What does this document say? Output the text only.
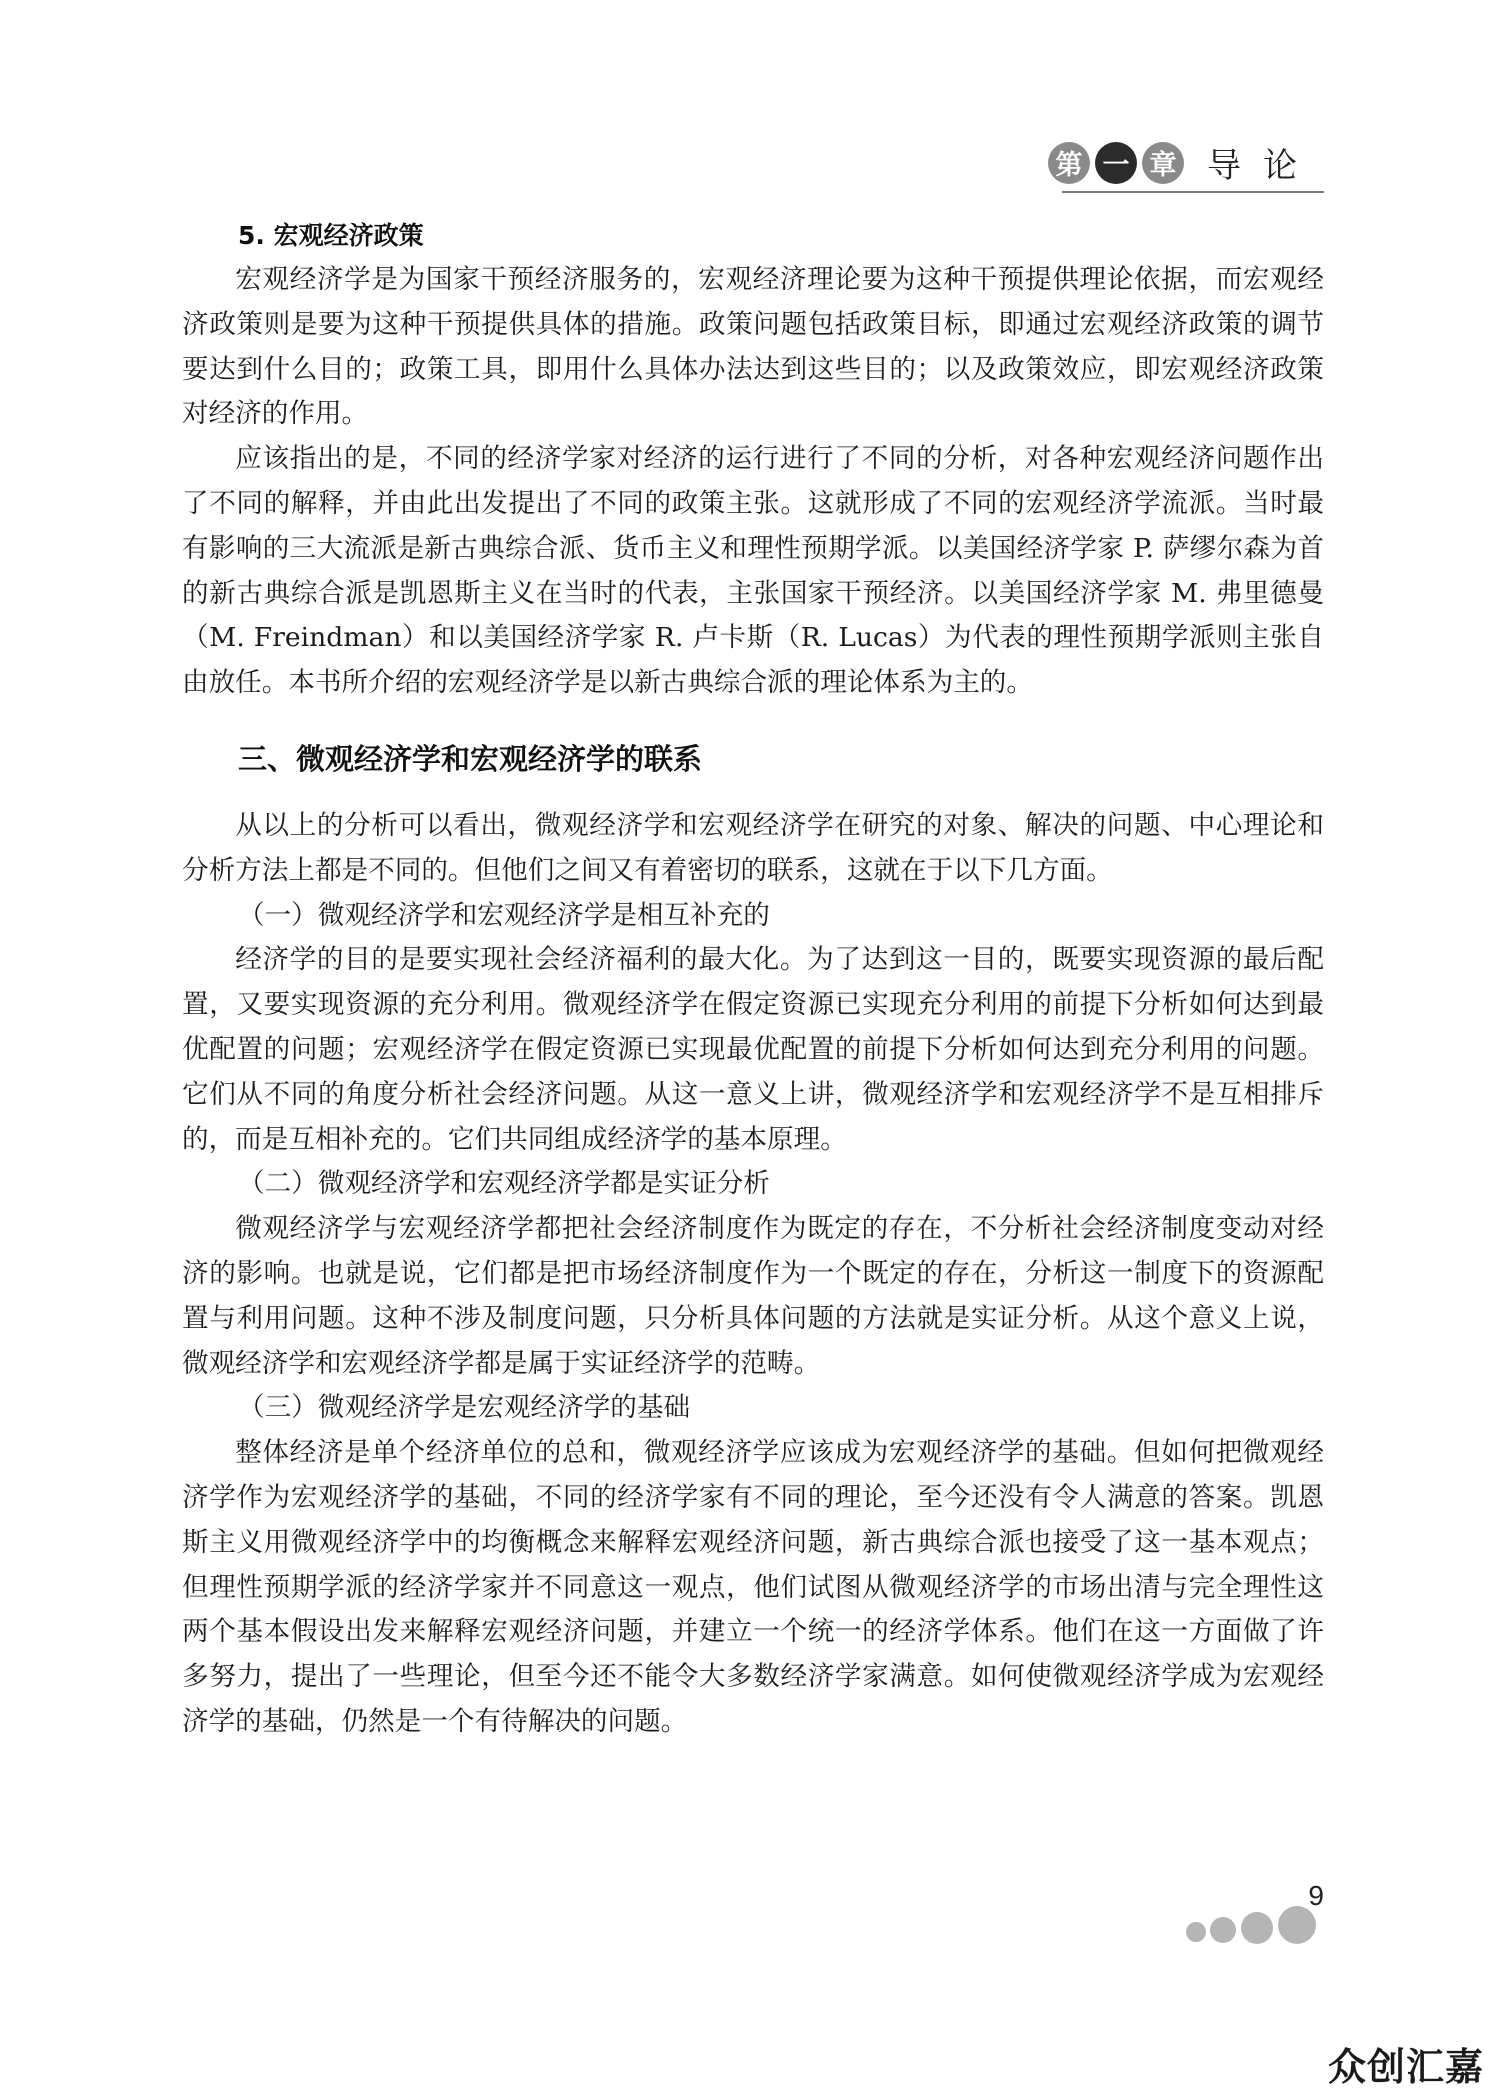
第 一 章 导论

5. 宏观经济政策

宏观经济学是为国家干预经济服务的，宏观经济理论要为这种干预提供理论依据，而宏观经济政策则是要为这种干预提供具体的措施。政策问题包括政策目标，即通过宏观经济政策的调节要达到什么目的；政策工具，即用什么具体办法达到这些目的；以及政策效应，即宏观经济政策对经济的作用。

应该指出的是，不同的经济学家对经济的运行进行了不同的分析，对各种宏观经济问题作出了不同的解释，并由此出发提出了不同的政策主张。这就形成了不同的宏观经济学流派。当时最有影响的三大流派是新古典综合派、货币主义和理性预期学派。以美国经济学家 P. 萨缪尔森为首的新古典综合派是凯恩斯主义在当时的代表，主张国家干预经济。以美国经济学家 M. 弗里德曼（M. Freindman）和以美国经济学家 R. 卢卡斯（R. Lucas）为代表的理性预期学派则主张自由放任。本书所介绍的宏观经济学是以新古典综合派的理论体系为主的。

三、微观经济学和宏观经济学的联系

从以上的分析可以看出，微观经济学和宏观经济学在研究的对象、解决的问题、中心理论和分析方法上都是不同的。但他们之间又有着密切的联系，这就在于以下几方面。

（一）微观经济学和宏观经济学是相互补充的

经济学的目的是要实现社会经济福利的最大化。为了达到这一目的，既要实现资源的最后配置，又要实现资源的充分利用。微观经济学在假定资源已实现充分利用的前提下分析如何达到最优配置的问题；宏观经济学在假定资源已实现最优配置的前提下分析如何达到充分利用的问题。它们从不同的角度分析社会经济问题。从这一意义上讲，微观经济学和宏观经济学不是互相排斥的，而是互相补充的。它们共同组成经济学的基本原理。

（二）微观经济学和宏观经济学都是实证分析

微观经济学与宏观经济学都把社会经济制度作为既定的存在，不分析社会经济制度变动对经济的影响。也就是说，它们都是把市场经济制度作为一个既定的存在，分析这一制度下的资源配置与利用问题。这种不涉及制度问题，只分析具体问题的方法就是实证分析。从这个意义上说，微观经济学和宏观经济学都是属于实证经济学的范畴。

（三）微观经济学是宏观经济学的基础

整体经济是单个经济单位的总和，微观经济学应该成为宏观经济学的基础。但如何把微观经济学作为宏观经济学的基础，不同的经济学家有不同的理论，至今还没有令人满意的答案。凯恩斯主义用微观经济学中的均衡概念来解释宏观经济问题，新古典综合派也接受了这一基本观点；但理性预期学派的经济学家并不同意这一观点，他们试图从微观经济学的市场出清与完全理性这两个基本假设出发来解释宏观经济问题，并建立一个统一的经济学体系。他们在这一方面做了许多努力，提出了一些理论，但至今还不能令大多数经济学家满意。如何使微观经济学成为宏观经济学的基础，仍然是一个有待解决的问题。

9
众创汇嘉
